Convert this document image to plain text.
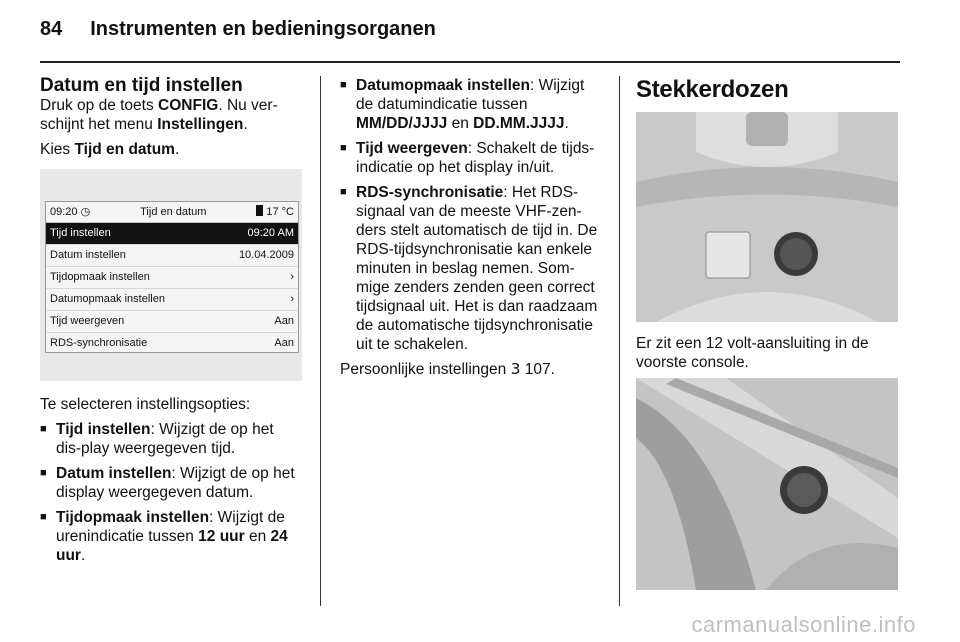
84 Instrumenten en bedieningsorganen
Datum en tijd instellen

Druk op de toets CONFIG. Nu ver-schijnt het menu Instellingen.

Kies Tijd en datum.

09:20 ◷	Tijd en datum	17 °C
Tijd instellen	09:20 AM
Datum instellen	10.04.2009
Tijdopmaak instellen	›
Datumopmaak instellen	›
Tijd weergeven	Aan
RDS-synchronisatie	Aan

Te selecteren instellingsopties:

■ Tijd instellen: Wijzigt de op het dis-play weergegeven tijd.
■ Datum instellen: Wijzigt de op het display weergegeven datum.
■ Tijdopmaak instellen: Wijzigt de urenindicatie tussen 12 uur en 24 uur.
■ Datumopmaak instellen: Wijzigt de datumindicatie tussen MM/DD/JJJJ en DD.MM.JJJJ.
■ Tijd weergeven: Schakelt de tijds-indicatie op het display in/uit.
■ RDS-synchronisatie: Het RDS-signaal van de meeste VHF-zen-ders stelt automatisch de tijd in. De RDS-tijdsynchronisatie kan enkele minuten in beslag nemen. Som-mige zenders zenden geen correct tijdsignaal uit. Het is dan raadzaam de automatische tijdsynchronisatie uit te schakelen.

Persoonlijke instellingen 3 107.

Stekkerdozen

Er zit een 12 volt-aansluiting in de voorste console.

carmanualsonline.info
